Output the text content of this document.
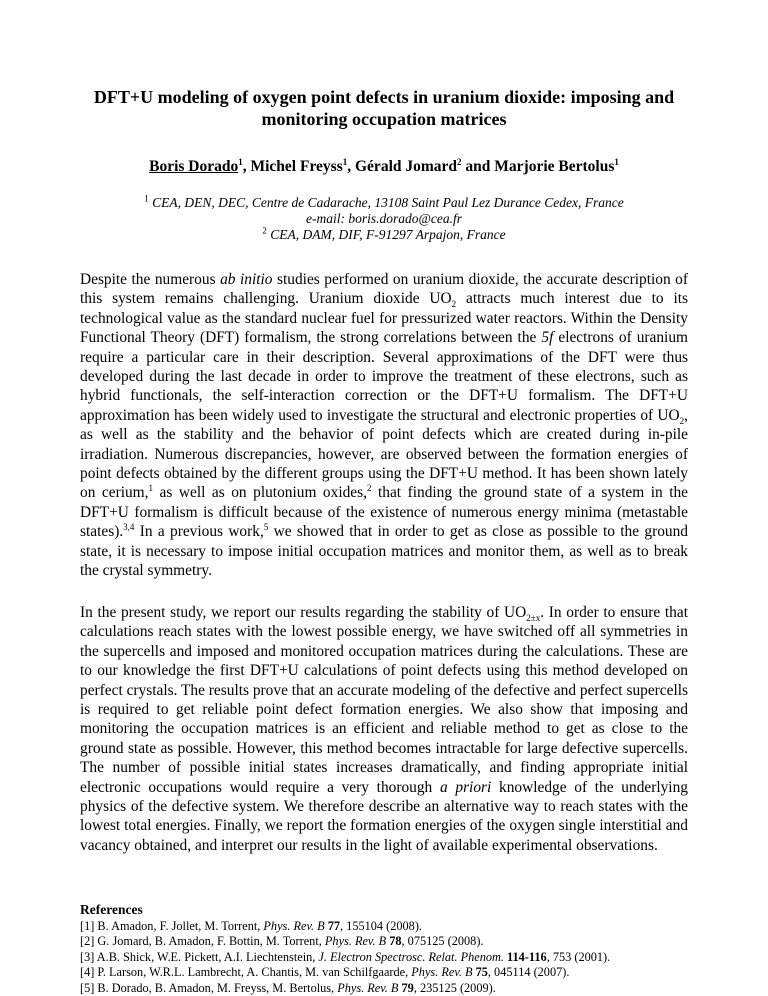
DFT+U modeling of oxygen point defects in uranium dioxide: imposing and monitoring occupation matrices
Boris Dorado$^1$, Michel Freyss$^1$, Gérald Jomard$^2$ and Marjorie Bertolus$^1$
$^1$ CEA, DEN, DEC, Centre de Cadarache, 13108 Saint Paul Lez Durance Cedex, France
e-mail: boris.dorado@cea.fr
$^2$ CEA, DAM, DIF, F-91297 Arpajon, France

Despite the numerous ab initio studies performed on uranium dioxide, the accurate description of this system remains challenging. Uranium dioxide $UO_2$ attracts much interest due to its technological value as the standard nuclear fuel for pressurized water reactors. Within the Density Functional Theory (DFT) formalism, the strong correlations between the 5f electrons of uranium require a particular care in their description. Several approximations of the DFT were thus developed during the last decade in order to improve the treatment of these electrons, such as hybrid functionals, the self-interaction correction or the DFT+U formalism. The DFT+U approximation has been widely used to investigate the structural and electronic properties of $UO_2$, as well as the stability and the behavior of point defects which are created during in-pile irradiation. Numerous discrepancies, however, are observed between the formation energies of point defects obtained by the different groups using the DFT+U method. It has been shown lately on cerium,$^1$ as well as on plutonium oxides,$^2$ that finding the ground state of a system in the DFT+U formalism is difficult because of the existence of numerous energy minima (metastable states).$^{3,4}$ In a previous work,$^5$ we showed that in order to get as close as possible to the ground state, it is necessary to impose initial occupation matrices and monitor them, as well as to break the crystal symmetry.

In the present study, we report our results regarding the stability of $UO_{2\pm x}$. In order to ensure that calculations reach states with the lowest possible energy, we have switched off all symmetries in the supercells and imposed and monitored occupation matrices during the calculations. These are to our knowledge the first DFT+U calculations of point defects using this method developed on perfect crystals. The results prove that an accurate modeling of the defective and perfect supercells is required to get reliable point defect formation energies. We also show that imposing and monitoring the occupation matrices is an efficient and reliable method to get as close to the ground state as possible. However, this method becomes intractable for large defective supercells. The number of possible initial states increases dramatically, and finding appropriate initial electronic occupations would require a very thorough a priori knowledge of the underlying physics of the defective system. We therefore describe an alternative way to reach states with the lowest total energies. Finally, we report the formation energies of the oxygen single interstitial and vacancy obtained, and interpret our results in the light of available experimental observations.

References

[1] B. Amadon, F. Jollet, M. Torrent, Phys. Rev. B 77, 155104 (2008).

[2] G. Jomard, B. Amadon, F. Bottin, M. Torrent, Phys. Rev. B 78, 075125 (2008).

[3] A.B. Shick, W.E. Pickett, A.I. Liechtenstein, J. Electron Spectrosc. Relat. Phenom. 114-116, 753 (2001).

[4] P. Larson, W.R.L. Lambrecht, A. Chantis, M. van Schilfgaarde, Phys. Rev. B 75, 045114 (2007).

[5] B. Dorado, B. Amadon, M. Freyss, M. Bertolus, Phys. Rev. B 79, 235125 (2009).
